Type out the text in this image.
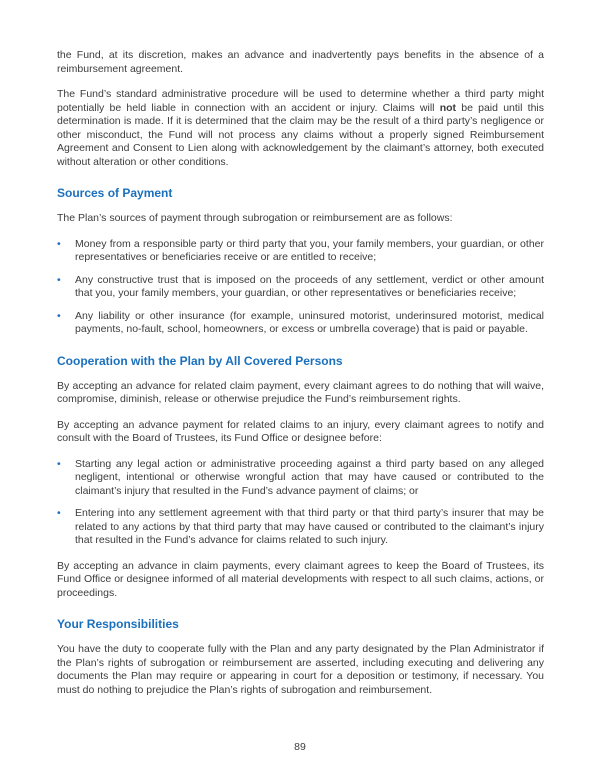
the Fund, at its discretion, makes an advance and inadvertently pays benefits in the absence of a reimbursement agreement.

The Fund’s standard administrative procedure will be used to determine whether a third party might potentially be held liable in connection with an accident or injury. Claims will not be paid until this determination is made. If it is determined that the claim may be the result of a third party’s negligence or other misconduct, the Fund will not process any claims without a properly signed Reimbursement Agreement and Consent to Lien along with acknowledgement by the claimant’s attorney, both executed without alteration or other conditions.

Sources of Payment

The Plan’s sources of payment through subrogation or reimbursement are as follows:

•	Money from a responsible party or third party that you, your family members, your guardian, or other representatives or beneficiaries receive or are entitled to receive;
•	Any constructive trust that is imposed on the proceeds of any settlement, verdict or other amount that you, your family members, your guardian, or other representatives or beneficiaries receive;
•	Any liability or other insurance (for example, uninsured motorist, underinsured motorist, medical payments, no-fault, school, homeowners, or excess or umbrella coverage) that is paid or payable.
Cooperation with the Plan by All Covered Persons

By accepting an advance for related claim payment, every claimant agrees to do nothing that will waive, compromise, diminish, release or otherwise prejudice the Fund’s reimbursement rights.

By accepting an advance payment for related claims to an injury, every claimant agrees to notify and consult with the Board of Trustees, its Fund Office or designee before:

•	Starting any legal action or administrative proceeding against a third party based on any alleged negligent, intentional or otherwise wrongful action that may have caused or contributed to the claimant’s injury that resulted in the Fund’s advance payment of claims; or
•	Entering into any settlement agreement with that third party or that third party’s insurer that may be related to any actions by that third party that may have caused or contributed to the claimant’s injury that resulted in the Fund’s advance for claims related to such injury.

By accepting an advance in claim payments, every claimant agrees to keep the Board of Trustees, its Fund Office or designee informed of all material developments with respect to all such claims, actions, or proceedings.

Your Responsibilities

You have the duty to cooperate fully with the Plan and any party designated by the Plan Administrator if the Plan’s rights of subrogation or reimbursement are asserted, including executing and delivering any documents the Plan may require or appearing in court for a deposition or testimony, if necessary. You must do nothing to prejudice the Plan’s rights of subrogation and reimbursement.

89
